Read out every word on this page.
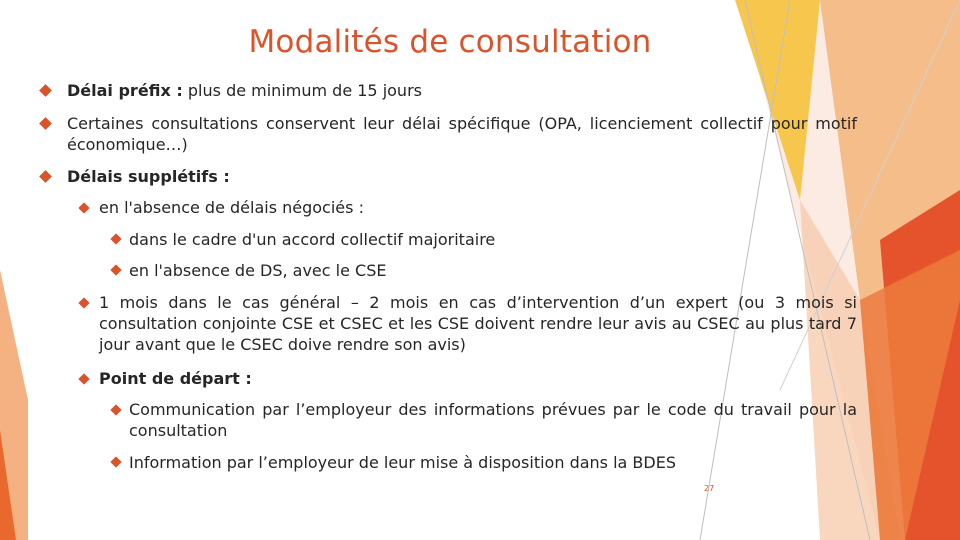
Modalités de consultation
Délai préfix : plus de minimum de 15 jours
Certaines consultations conservent leur délai spécifique (OPA, licenciement collectif pour motif économique…)
Délais supplétifs :
en l'absence de délais négociés :
dans le cadre d'un accord collectif majoritaire
en l'absence de DS, avec le CSE
1 mois dans le cas général – 2 mois en cas d’intervention d’un expert (ou 3 mois si consultation conjointe CSE et CSEC et les CSE doivent rendre leur avis au CSEC au plus tard 7 jour avant que le CSEC doive rendre son avis)
Point de départ :
Communication par l’employeur des informations prévues par le code du travail pour la consultation
Information par l’employeur de leur mise à disposition dans la BDES
27
